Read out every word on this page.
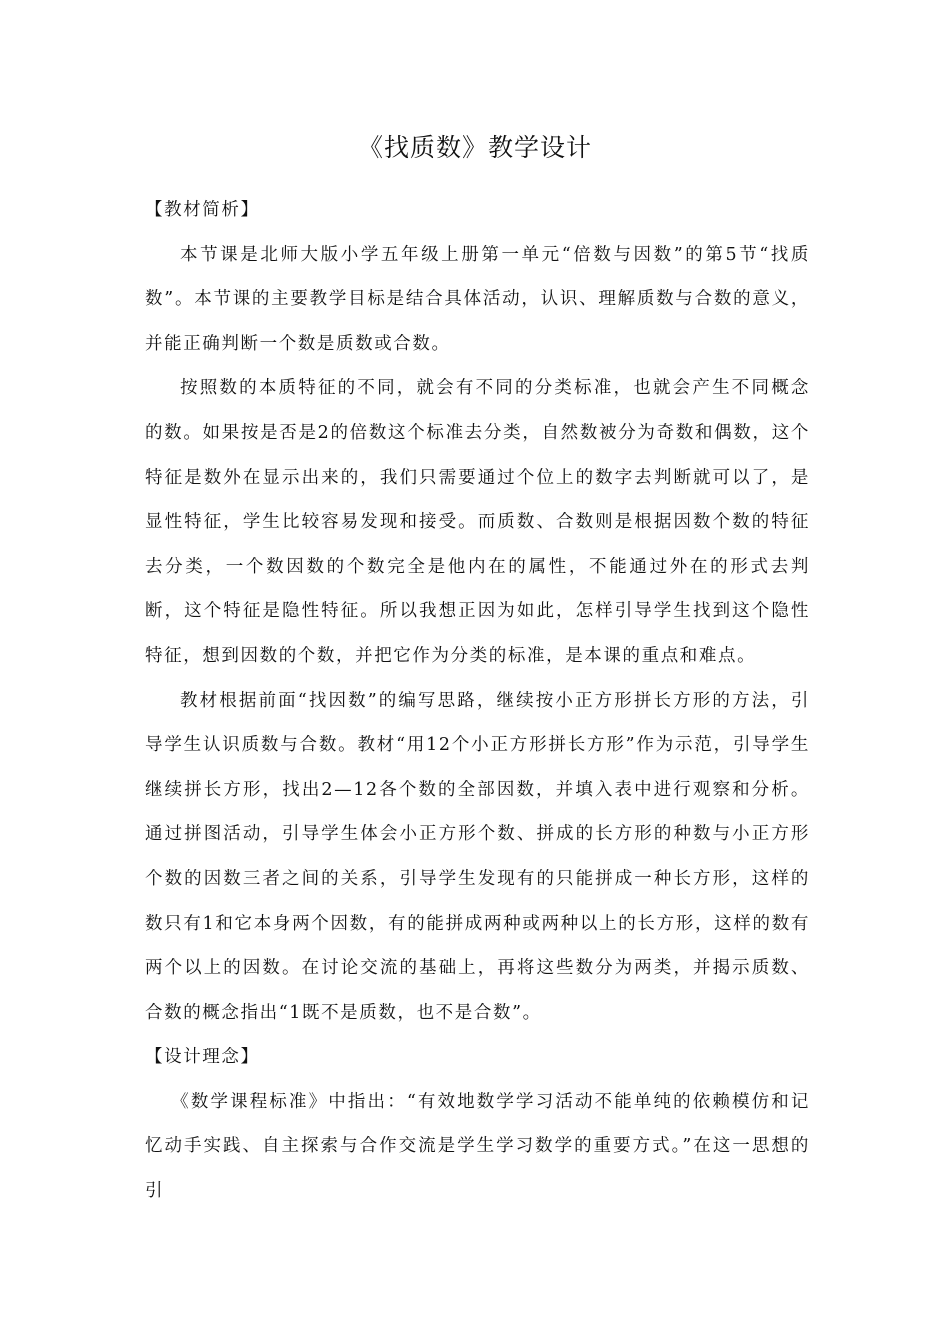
《找质数》教学设计

【教材简析】

本节课是北师大版小学五年级上册第一单元“倍数与因数”的第5节“找质数”。本节课的主要教学目标是结合具体活动，认识、理解质数与合数的意义，并能正确判断一个数是质数或合数。

按照数的本质特征的不同，就会有不同的分类标准，也就会产生不同概念的数。如果按是否是2的倍数这个标准去分类，自然数被分为奇数和偶数，这个特征是数外在显示出来的，我们只需要通过个位上的数字去判断就可以了，是显性特征，学生比较容易发现和接受。而质数、合数则是根据因数个数的特征去分类，一个数因数的个数完全是他内在的属性，不能通过外在的形式去判断，这个特征是隐性特征。所以我想正因为如此，怎样引导学生找到这个隐性特征，想到因数的个数，并把它作为分类的标准，是本课的重点和难点。

教材根据前面“找因数”的编写思路，继续按小正方形拼长方形的方法，引导学生认识质数与合数。教材“用12个小正方形拼长方形”作为示范，引导学生继续拼长方形，找出2—12各个数的全部因数，并填入表中进行观察和分析。通过拼图活动，引导学生体会小正方形个数、拼成的长方形的种数与小正方形个数的因数三者之间的关系，引导学生发现有的只能拼成一种长方形，这样的数只有1和它本身两个因数，有的能拼成两种或两种以上的长方形，这样的数有两个以上的因数。在讨论交流的基础上，再将这些数分为两类，并揭示质数、合数的概念指出“1既不是质数，也不是合数”。

【设计理念】

《数学课程标准》中指出：“有效地数学学习活动不能单纯的依赖模仿和记忆动手实践、自主探索与合作交流是学生学习数学的重要方式。”在这一思想的引
